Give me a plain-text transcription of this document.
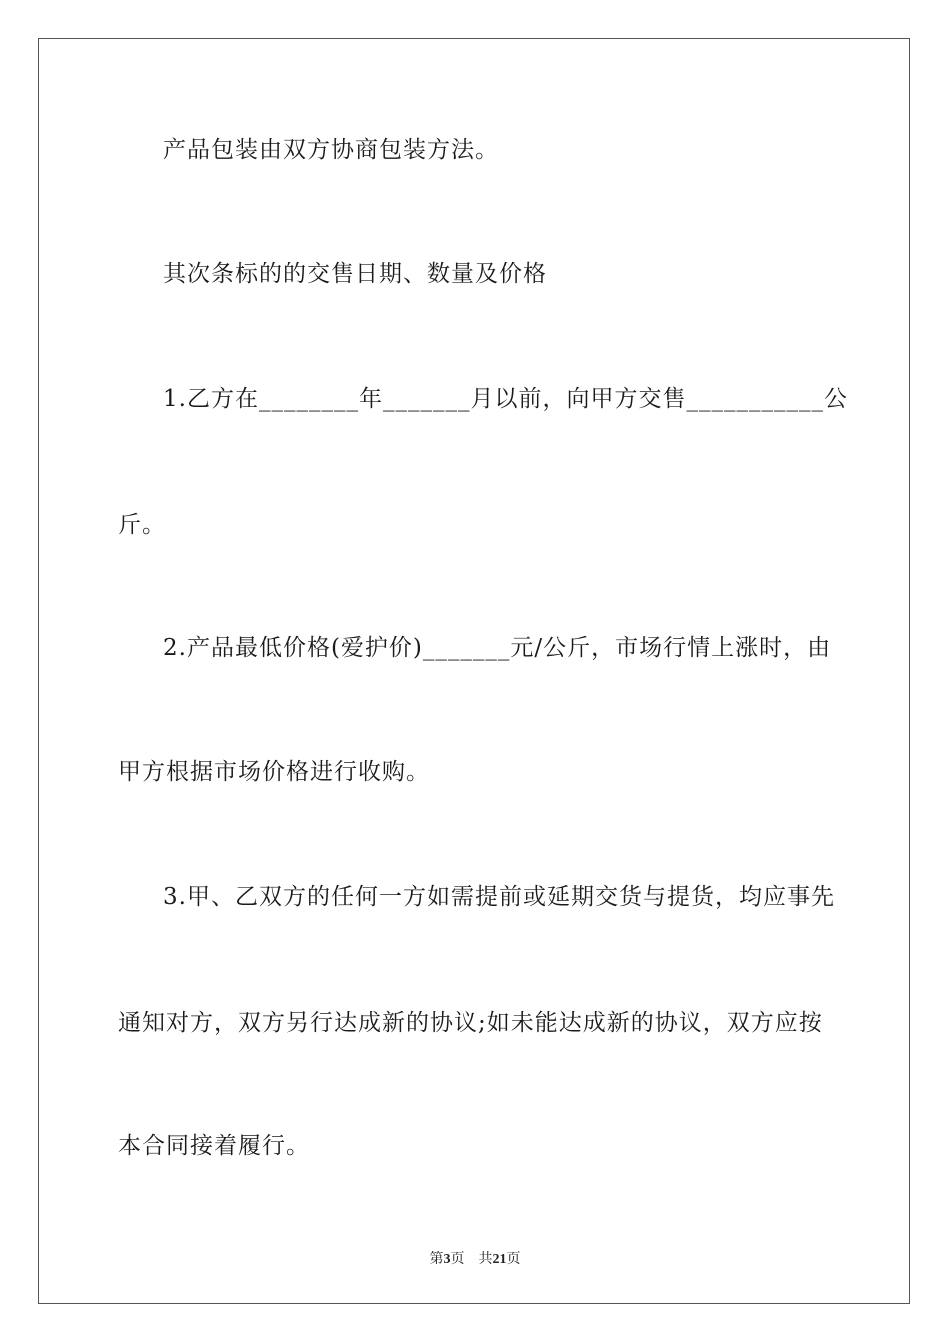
产品包装由双方协商包装方法。
其次条标的的交售日期、数量及价格
1.乙方在________年_______月以前，向甲方交售___________公
斤。
2.产品最低价格(爱护价)_______元/公斤，市场行情上涨时，由
甲方根据市场价格进行收购。
3.甲、乙双方的任何一方如需提前或延期交货与提货，均应事先
通知对方，双方另行达成新的协议;如未能达成新的协议，双方应按
本合同接着履行。
第3页 共21页
